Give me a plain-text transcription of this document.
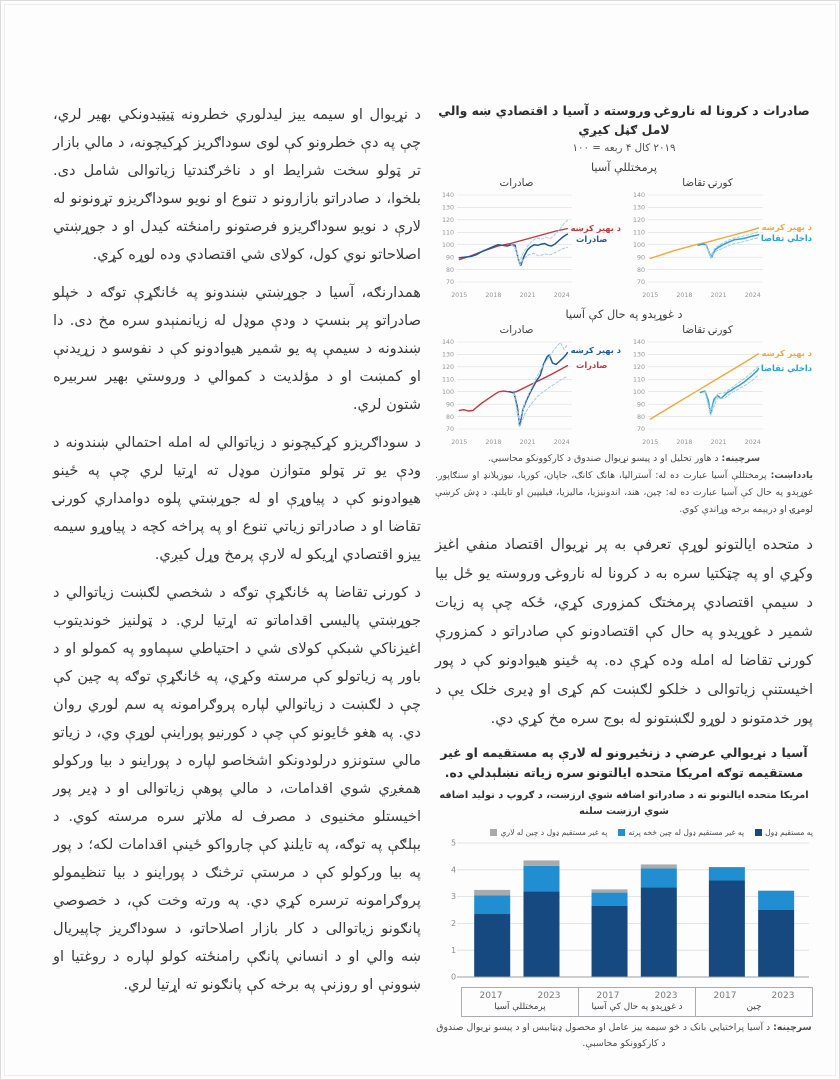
صادرات د کرونا له ناروغۍ وروسته د آسیا د اقتصادي ښه والي لامل ګڼل کیږي
۲۰۱۹ کال ۴ ربعه = ۱۰۰
پرمختللې آسیا
صادرات
70
80
90
100
110
120
130
140
2015	2018	2021	2024
د بهیر کرښه
صادرات
کورنۍ تقاضا
70
80
90
100
110
120
130
140
2015	2018	2021	2024
د بهیر کرښه
داخلي تقاضا
د غوړېدو په حال کې آسیا
صادرات
70
80
90
100
110
120
130
140
2015	2018	2021	2024
د بهیر کرښه
صادرات
کورنۍ تقاضا
70
80
90
100
110
120
130
140
2015	2018	2021	2024
د بهیر کرښه
داخلي تقاضا
سرچینه: د هاور تحلیل او د پیسو نړیوال صندوق د کارکوونکو محاسبې.
یادداښت: پرمختللې آسیا عبارت ده له: آسترالیا، هانګ کانګ، جاپان، کوریا، نیوزیلانډ او سنګاپور. غوړېدو په حال کې آسیا عبارت ده له: چین، هند، اندونیزیا، مالیزیا، فیلیپین او تایلنډ. د ډش کرښې لومړۍ او دریېمه برخه وړاندې کوي.

د متحده ایالتونو لوړې تعرفې به پر نړیوال اقتصاد منفي اغیز وکړي او په چټکتیا سره به د کرونا له ناروغۍ وروسته یو ځل بیا د سیمې اقتصادي پرمختګ کمزوری کړي، ځکه چې په زیات شمیر د غوړیدو په حال کې اقتصادونو کې صادراتو د کمزورې کورنۍ تقاضا له امله وده کړې ده. په ځینو هیوادونو کې د پور اخیستنې زیاتوالی د خلکو لګښت کم کړی او ډیری خلک یې د پور خدمتونو د لوړو لګښتونو له بوج سره مخ کړي دي.

آسیا د نړیوالي عرضې د زنځیرونو له لارې په مستقیمه او غیر مستقیمه توګه امریکا متحده ایالتونو سره زیاته نښلېدلي ده.
امریکا متحده ایالتونو ته د صادراتو اضافه شوي ارزښت، د ګروپ د تولید اضافه شوي ارزښت سلنه
په مستقیم ډول
په غیر مستقیم ډول له چین څخه پرته
په غیر مستقیم ډول د چین له لارې
0
1
2
3
4
5
2017	2023
پرمختللې آسیا
2017	2023
د غوړېدو په حال کې آسیا
2017	2023
چین
سرچینه: د آسیا پراختیایي بانک د څو سیمه ییز عامل او محصول ډیټابیس او د پیسو نړیوال صندوق د کارکوونکو محاسبې.

د نړیوال او سیمه ییز لیدلوري خطرونه ټیټیدونکي بهیر لري، چې په دې خطرونو کې لوی سوداګریز کړکیچونه، د مالي بازار تر ټولو سخت شرایط او د ناڅرګندتیا زیاتوالی شامل دی. بلخوا، د صادراتو بازارونو د تنوع او نویو سوداګریزو تړونونو له لارې د نویو سوداګریزو فرصتونو رامنځته کیدل او د جوړښتي اصلاحاتو نوي کول، کولای شي اقتصادي وده لوړه کړي.

همدارنګه، آسیا د جوړښتي ښندونو په ځانګړې توګه د خپلو صادراتو پر بنسټ د ودې موډل له زیانمنېدو سره مخ دی. دا ښندونه د سیمې په یو شمیر هیوادونو کې د نفوسو د زړیدنې او کمښت او د مؤلدیت د کموالي د وروستي بهیر سربیره شتون لري.

د سوداګریزو کړکیچونو د زیاتوالي له امله احتمالي ښندونه د ودې یو تر ټولو متوازن موډل ته اړتیا لري چې په ځینو هیوادونو کې د پیاوړې او له جوړښتي پلوه دوامداري کورنۍ تقاضا او د صادراتو زیاتي تنوع او په پراخه کچه د پیاوړو سیمه ییزو اقتصادي اړیکو له لارې پرمخ وړل کیږي.

د کورنۍ تقاضا په ځانګړې توګه د شخصي لګښت زیاتوالي د جوړښتي پالیسۍ اقداماتو ته اړتیا لري. د ټولنیز خوندیتوب اغیزناکي شبکې کولای شي د احتیاطي سپماوو په کمولو او د باور په زیاتولو کې مرسته وکړي، په ځانګړې توګه په چین کې چې د لګښت د زیاتوالي لپاره پروګرامونه په سم لوري روان دي. په هغو ځایونو کې چې د کورنیو پوراینې لوړې وي، د زیاتو مالي ستونزو درلودونکو اشخاصو لپاره د پوراینو د بیا ورکولو همغږي شوي اقدامات، د مالي پوهې زیاتوالی او د ډیر پور اخیستلو مخنیوی د مصرف له ملاتړ سره مرسته کوي. د بېلګې په توګه، په تایلنډ کې چارواکو ځینې اقدامات لکه؛ د پور په بیا ورکولو کې د مرستې ترڅنګ د پوراینو د بیا تنظیمولو پروګرامونه ترسره کړي دي. په ورته وخت کې، د خصوصي پانګونو زیاتوالی د کار بازار اصلاحاتو، د سوداګریز چاپیریال ښه والي او د انساني پانګې رامنځته کولو لپاره د روغتیا او ښوونې او روزنې په برخه کې پانګونو ته اړتیا لري.
